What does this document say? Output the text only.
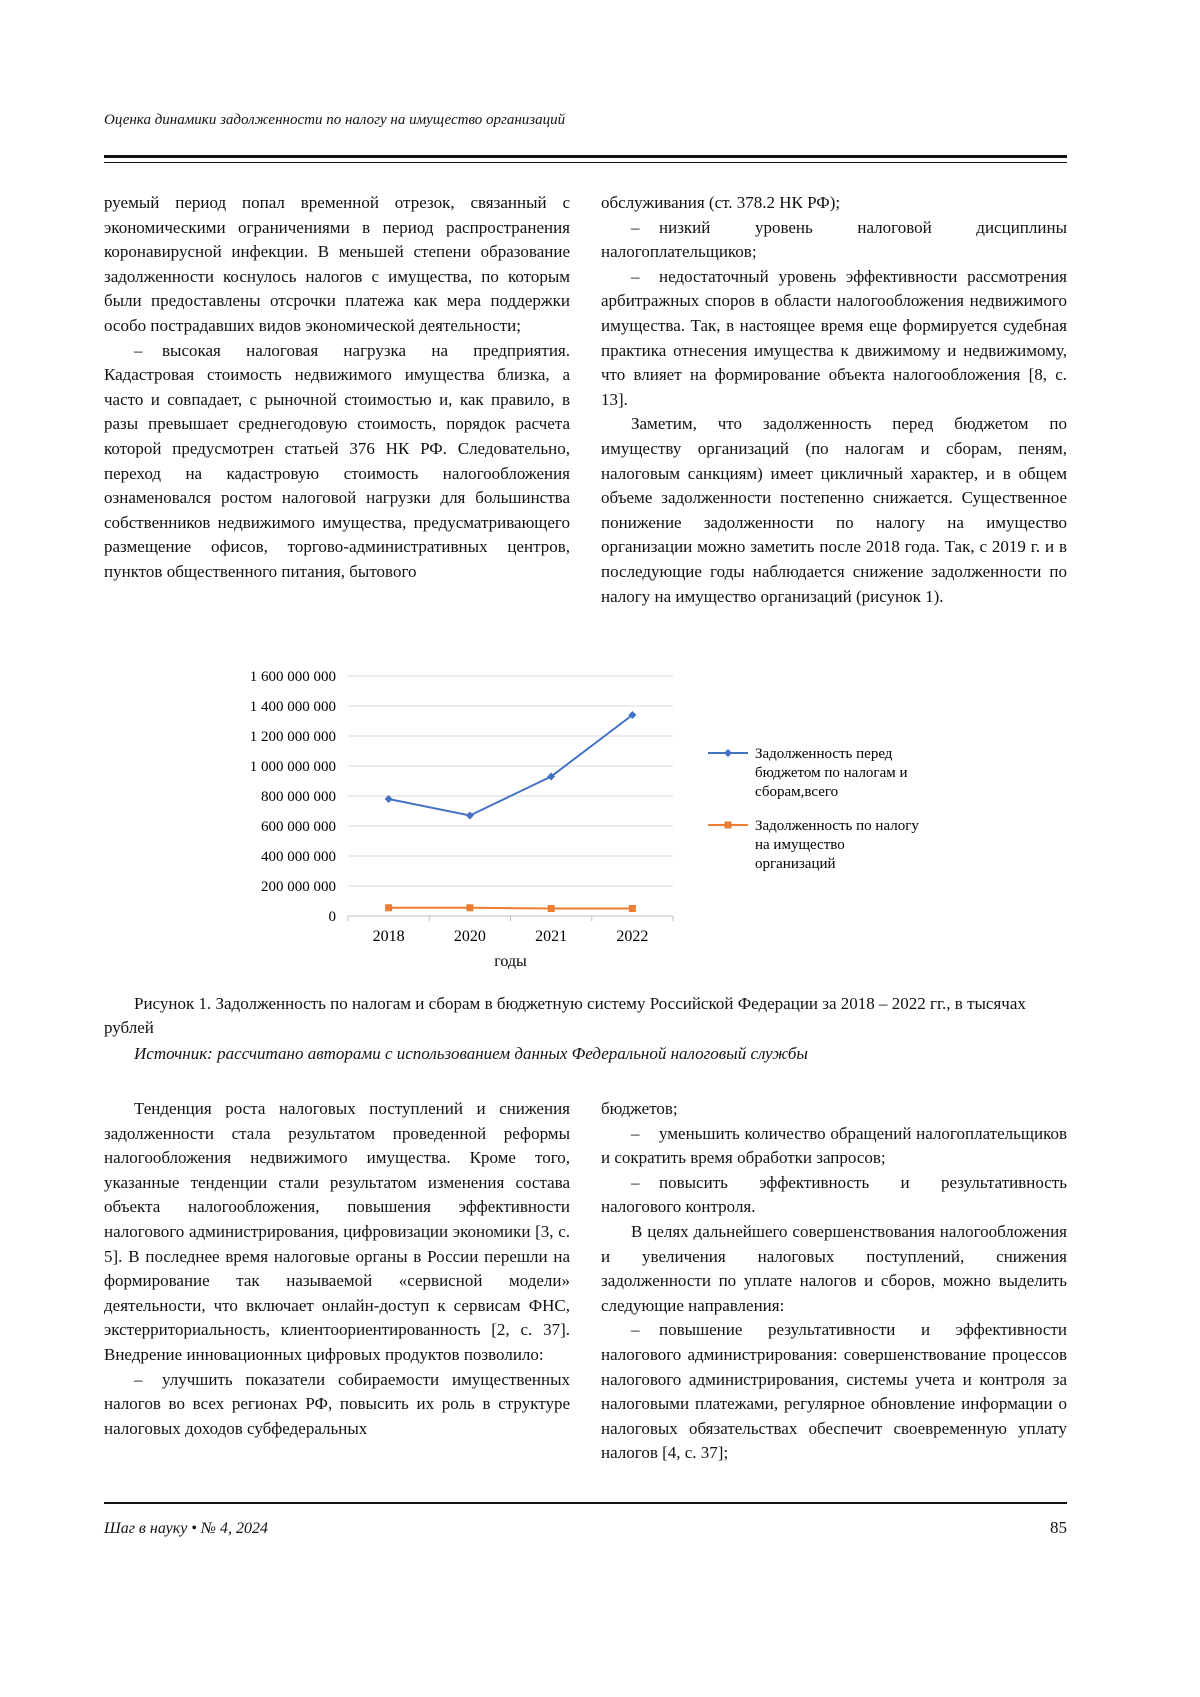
Оценка динамики задолженности по налогу на имущество организаций

руемый период попал временной отрезок, связанный с экономическими ограничениями в период распространения коронавирусной инфекции. В меньшей степени образование задолженности коснулось налогов с имущества, по которым были предоставлены отсрочки платежа как мера поддержки особо пострадавших видов экономической деятельности;

– высокая налоговая нагрузка на предприятия. Кадастровая стоимость недвижимого имущества близка, а часто и совпадает, с рыночной стоимостью и, как правило, в разы превышает среднегодовую стоимость, порядок расчета которой предусмотрен статьей 376 НК РФ. Следовательно, переход на кадастровую стоимость налогообложения ознаменовался ростом налоговой нагрузки для большинства собственников недвижимого имущества, предусматривающего размещение офисов, торгово-административных центров, пунктов общественного питания, бытового

обслуживания (ст. 378.2 НК РФ);

– низкий уровень налоговой дисциплины налогоплательщиков;

– недостаточный уровень эффективности рассмотрения арбитражных споров в области налогообложения недвижимого имущества. Так, в настоящее время еще формируется судебная практика отнесения имущества к движимому и недвижимому, что влияет на формирование объекта налогообложения [8, с. 13].

Заметим, что задолженность перед бюджетом по имуществу организаций (по налогам и сборам, пеням, налоговым санкциям) имеет цикличный характер, и в общем объеме задолженности постепенно снижается. Существенное понижение задолженности по налогу на имущество организации можно заметить после 2018 года. Так, с 2019 г. и в последующие годы наблюдается снижение задолженности по налогу на имущество организаций (рисунок 1).

0
200 000 000
400 000 000
600 000 000
800 000 000
1 000 000 000
1 200 000 000
1 400 000 000
1 600 000 000
2018	2020	2021	2022
Задолженность перед
бюджетом по налогам и
сборам,всего
Задолженность по налогу
на имущество
организаций
годы
Рисунок 1. Задолженность по налогам и сборам в бюджетную систему Российской Федерации за 2018 – 2022 гг., в тысячах рублей
Источник: рассчитано авторами с использованием данных Федеральной налоговый службы

Тенденция роста налоговых поступлений и снижения задолженности стала результатом проведенной реформы налогообложения недвижимого имущества. Кроме того, указанные тенденции стали результатом изменения состава объекта налогообложения, повышения эффективности налогового администрирования, цифровизации экономики [3, с. 5]. В последнее время налоговые органы в России перешли на формирование так называемой «сервисной модели» деятельности, что включает онлайн-доступ к сервисам ФНС, экстерриториальность, клиентоориентированность [2, с. 37]. Внедрение инновационных цифровых продуктов позволило:

– улучшить показатели собираемости имущественных налогов во всех регионах РФ, повысить их роль в структуре налоговых доходов субфедеральных

бюджетов;

– уменьшить количество обращений налогоплательщиков и сократить время обработки запросов;

– повысить эффективность и результативность налогового контроля.

В целях дальнейшего совершенствования налогообложения и увеличения налоговых поступлений, снижения задолженности по уплате налогов и сборов, можно выделить следующие направления:

– повышение результативности и эффективности налогового администрирования: совершенствование процессов налогового администрирования, системы учета и контроля за налоговыми платежами, регулярное обновление информации о налоговых обязательствах обеспечит своевременную уплату налогов [4, с. 37];

Шаг в науку • № 4, 2024	85
